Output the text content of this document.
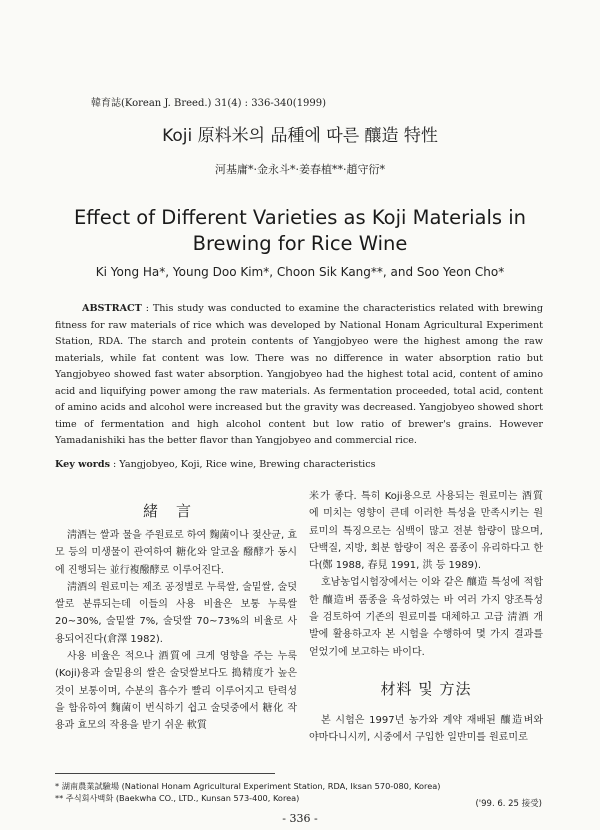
韓育誌(Korean J. Breed.) 31(4) : 336-340(1999)
Koji 原料米의 品種에 따른 釀造 特性
河基庸*·金永斗*·姜春植**·趙守衍*
Effect of Different Varieties as Koji Materials in
Brewing for Rice Wine
Ki Yong Ha*, Young Doo Kim*, Choon Sik Kang**, and Soo Yeon Cho*
ABSTRACT : This study was conducted to examine the characteristics related with brewing fitness for raw materials of rice which was developed by National Honam Agricultural Experiment Station, RDA. The starch and protein contents of Yangjobyeo were the highest among the raw materials, while fat content was low. There was no difference in water absorption ratio but Yangjobyeo showed fast water absorption. Yangjobyeo had the highest total acid, content of amino acid and liquifying power among the raw materials. As fermentation proceeded, total acid, content of amino acids and alcohol were increased but the gravity was decreased. Yangjobyeo showed short time of fermentation and high alcohol content but low ratio of brewer's grains. However Yamadanishiki has the better flavor than Yangjobyeo and commercial rice.
Key words : Yangjobyeo, Koji, Rice wine, Brewing characteristics
緒言

淸酒는 쌀과 물을 주원료로 하여 麴菌이나 젖산균, 효모 등의 미생물이 관여하여 糖化와 알코올 醱酵가 동시에 진행되는 並行複醱酵로 이루어진다.

淸酒의 원료미는 제조 공정별로 누룩쌀, 술밑쌀, 술덧쌀로 분류되는데 이들의 사용 비율은 보통 누룩쌀 20~30%, 술밑쌀 7%, 술덧쌀 70~73%의 비율로 사용되어진다(倉澤 1982).

사용 비율은 적으나 酒質에 크게 영향을 주는 누룩(Koji)용과 술밑용의 쌀은 술덧쌀보다도 搗精度가 높은 것이 보통이며, 수분의 흡수가 빨리 이루어지고 탄력성을 함유하여 麴菌이 번식하기 쉽고 술덧중에서 糖化 작용과 효모의 작용을 받기 쉬운 軟質

米가 좋다. 특히 Koji용으로 사용되는 원료미는 酒質에 미치는 영향이 큰데 이러한 특성을 만족시키는 원료미의 특징으로는 심백이 많고 전분 함량이 많으며, 단백질, 지방, 회분 함량이 적은 품종이 유리하다고 한다(鄭 1988, 春見 1991, 洪 등 1989).

호남농업시험장에서는 이와 같은 釀造 특성에 적합한 釀造벼 품종을 육성하였는 바 여러 가지 양조특성을 검토하여 기존의 원료미를 대체하고 고급 淸酒 개발에 활용하고자 본 시험을 수행하여 몇 가지 결과를 얻었기에 보고하는 바이다.

材料 및 方法

본 시험은 1997년 농가와 계약 재배된 釀造벼와 야마다니시끼, 시중에서 구입한 일반미를 원료미로

* 湖南農業試驗場 (National Honam Agricultural Experiment Station, RDA, Iksan 570-080, Korea)
** 주식회사백화 (Baekwha CO., LTD., Kunsan 573-400, Korea)
('99. 6. 25 接受)
- 336 -
